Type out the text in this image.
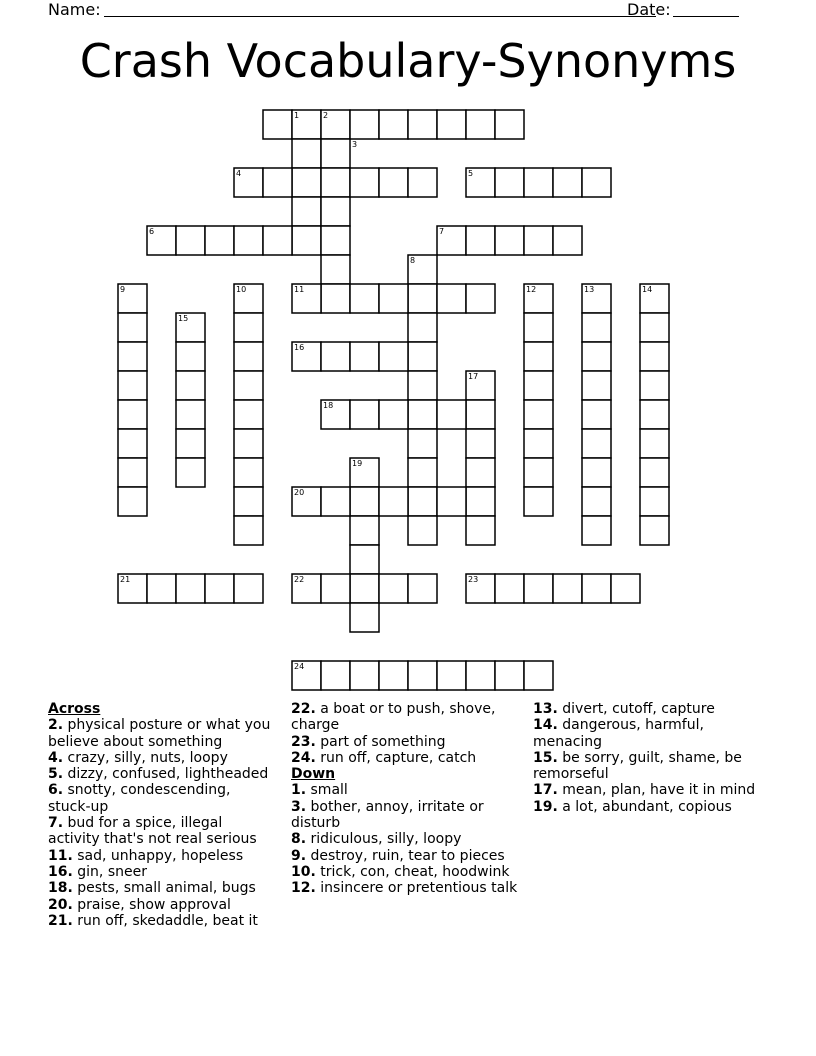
Name:	Date:
Crash Vocabulary-Synonyms
1	2
3
4	5
6	7
8
9	10	11	12	13	14
15
16
17
18
19
20
21	22	23
24

Across

2. physical posture or what you believe about something

4. crazy, silly, nuts, loopy

5. dizzy, confused, lightheaded

6. snotty, condescending, stuck-up

7. bud for a spice, illegal activity that's not real serious

11. sad, unhappy, hopeless

16. gin, sneer

18. pests, small animal, bugs

20. praise, show approval

21. run off, skedaddle, beat it

22. a boat or to push, shove, charge

23. part of something

24. run off, capture, catch

Down

1. small

3. bother, annoy, irritate or disturb

8. ridiculous, silly, loopy

9. destroy, ruin, tear to pieces

10. trick, con, cheat, hoodwink

12. insincere or pretentious talk

13. divert, cutoff, capture

14. dangerous, harmful, menacing

15. be sorry, guilt, shame, be remorseful

17. mean, plan, have it in mind

19. a lot, abundant, copious
